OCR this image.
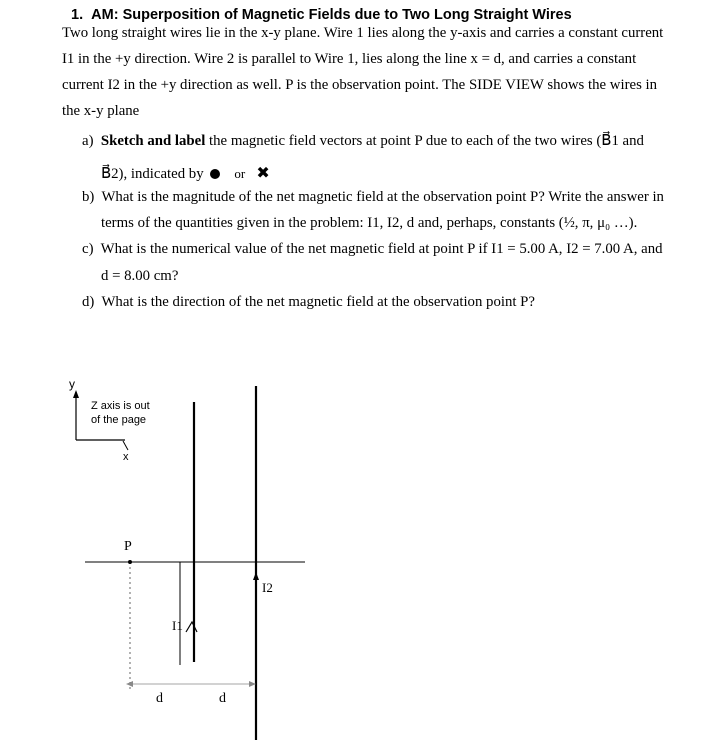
1. AM: Superposition of Magnetic Fields due to Two Long Straight Wires
Two long straight wires lie in the x-y plane. Wire 1 lies along the y-axis and carries a constant current
I1 in the +y direction. Wire 2 is parallel to Wire 1, lies along the line x = d, and carries a constant
current I2 in the +y direction as well. P is the observation point. The SIDE VIEW shows the wires in
the x-y plane
a) Sketch and label the magnetic field vectors at point P due to each of the two wires (B⃗1 and
B⃗2), indicated by or ✖
b) What is the magnitude of the net magnetic field at the observation point P? Write the answer in
terms of the quantities given in the problem: I1, I2, d and, perhaps, constants (½, π, μ₀ …).
c) What is the numerical value of the net magnetic field at point P if I1 = 5.00 A, I2 = 7.00 A, and
d = 8.00 cm?
d) What is the direction of the net magnetic field at the observation point P?
y
Z axis is out
of the page
x
P
I2
I1
d	d
